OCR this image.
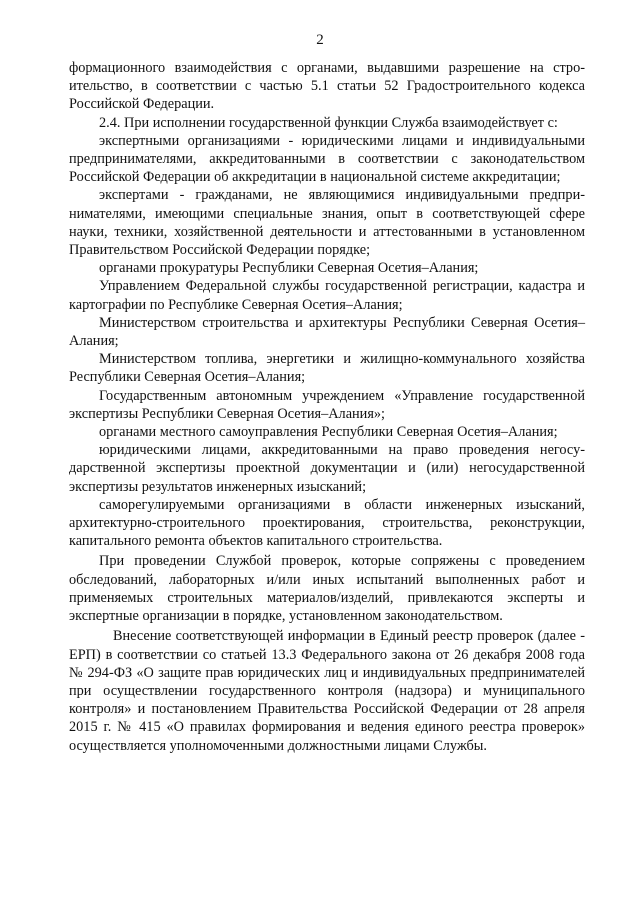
2

формационного взаимодействия с органами, выдавшими разрешение на строительство, в соответствии с частью 5.1 статьи 52 Градостроительного кодекса Российской Федерации.

2.4. При исполнении государственной функции Служба взаимодействует с:

экспертными организациями - юридическими лицами и индивидуальными предпринимателями, аккредитованными в соответствии с законодательством Российской Федерации об аккредитации в национальной системе аккредитации;

экспертами - гражданами, не являющимися индивидуальными предпринимателями, имеющими специальные знания, опыт в соответствующей сфере науки, техники, хозяйственной деятельности и аттестованными в установленном Правительством Российской Федерации порядке;

органами прокуратуры Республики Северная Осетия–Алания;

Управлением Федеральной службы государственной регистрации, кадастра и картографии по Республике Северная Осетия–Алания;

Министерством строительства и архитектуры Республики Северная Осетия–Алания;

Министерством топлива, энергетики и жилищно-коммунального хозяйства Республики Северная Осетия–Алания;

Государственным автономным учреждением «Управление государственной экспертизы Республики Северная Осетия–Алания»;

органами местного самоуправления Республики Северная Осетия–Алания;

юридическими лицами, аккредитованными на право проведения негосударственной экспертизы проектной документации и (или) негосударственной экспертизы результатов инженерных изысканий;

саморегулируемыми организациями в области инженерных изысканий, архитектурно-строительного проектирования, строительства, реконструкции, капитального ремонта объектов капитального строительства.

При проведении Службой проверок, которые сопряжены с проведением обследований, лабораторных и/или иных испытаний выполненных работ и применяемых строительных материалов/изделий, привлекаются эксперты и экспертные организации в порядке, установленном законодательством.

Внесение соответствующей информации в Единый реестр проверок (далее - ЕРП) в соответствии со статьей 13.3 Федерального закона от 26 декабря 2008 года № 294-ФЗ «О защите прав юридических лиц и индивидуальных предпринимателей при осуществлении государственного контроля (надзора) и муниципального контроля» и постановлением Правительства Российской Федерации от 28 апреля 2015 г. № 415 «О правилах формирования и ведения единого реестра проверок» осуществляется уполномоченными должностными лицами Службы.
